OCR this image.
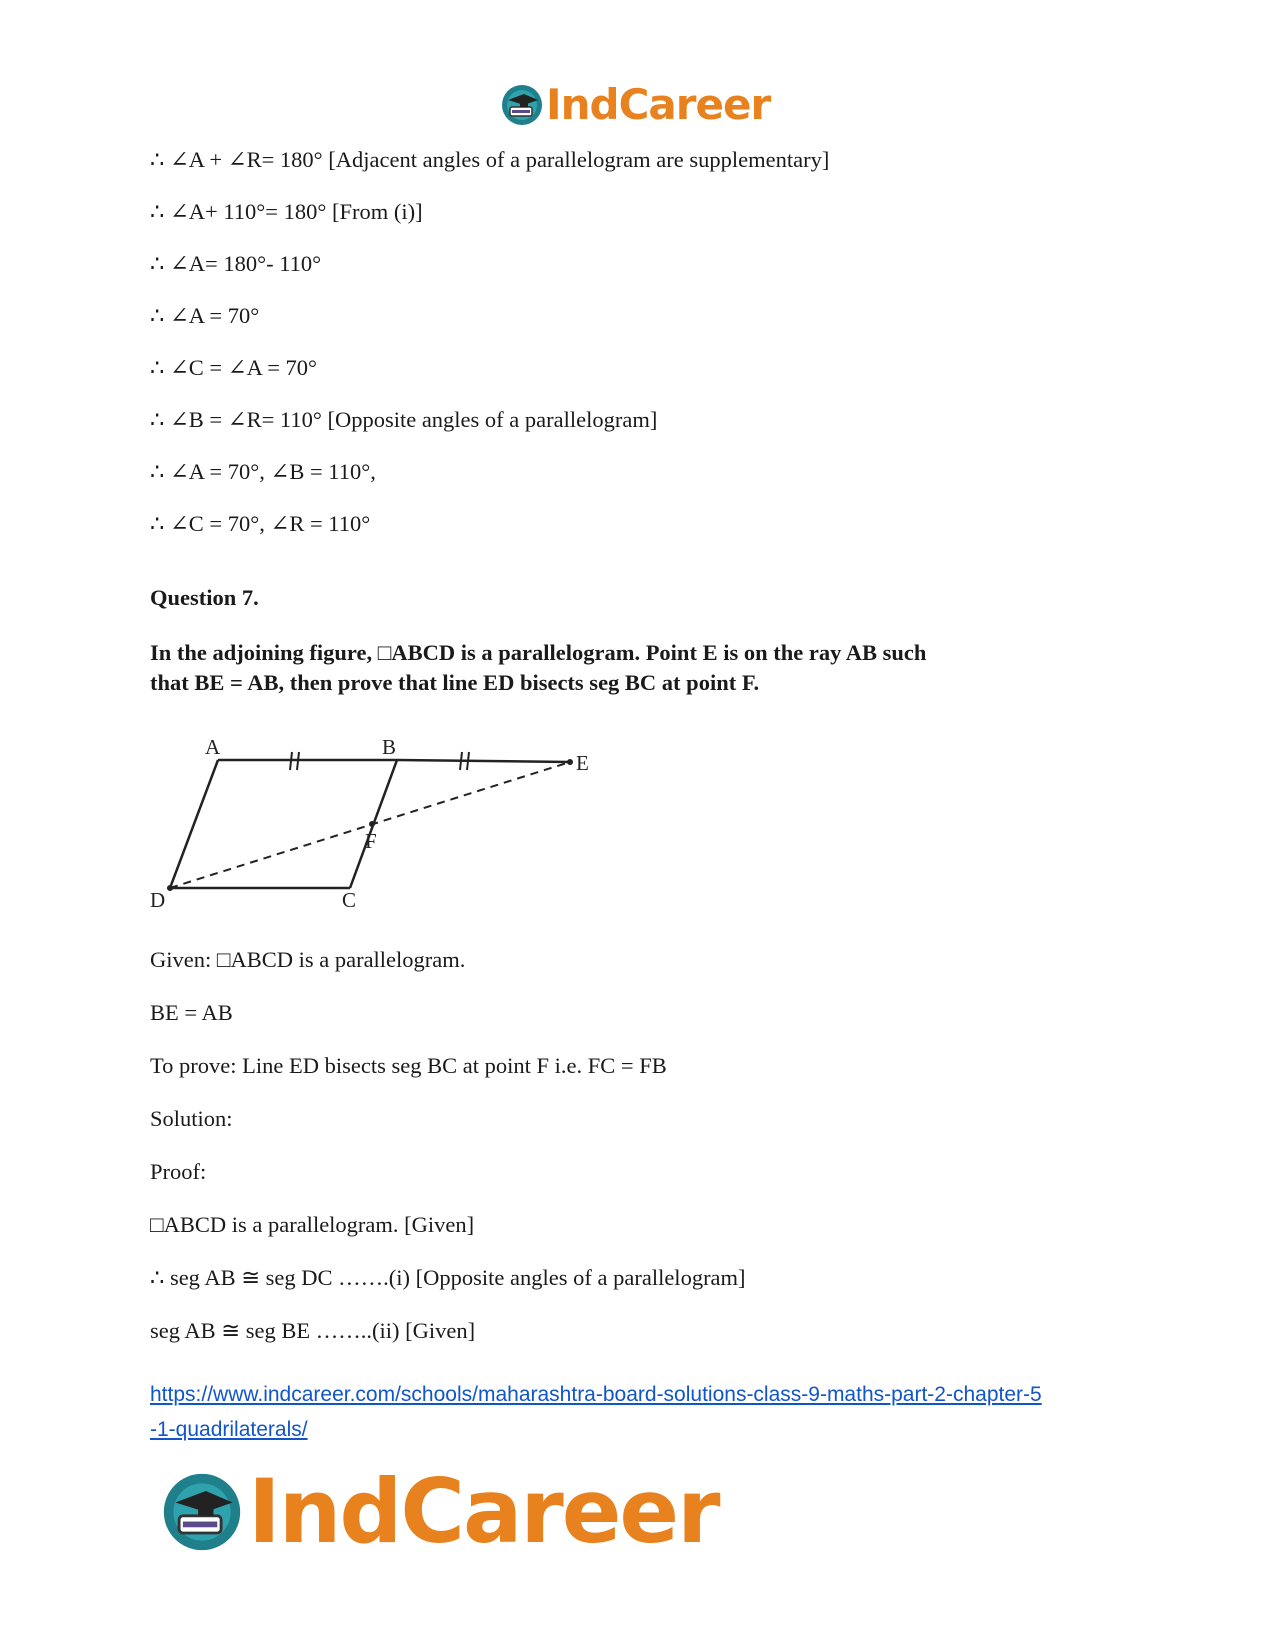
IndCareer
∴ ∠A + ∠R= 180° [Adjacent angles of a parallelogram are supplementary]
∴ ∠A+ 110°= 180° [From (i)]
∴ ∠A= 180°- 110°
∴ ∠A = 70°
∴ ∠C = ∠A = 70°
∴ ∠B = ∠R= 110° [Opposite angles of a parallelogram]
∴ ∠A = 70°, ∠B = 110°,
∴ ∠C = 70°, ∠R = 110°
Question 7.
In the adjoining figure, □ABCD is a parallelogram. Point E is on the ray AB such
that BE = AB, then prove that line ED bisects seg BC at point F.
A	B
E
F
D	C
Given: □ABCD is a parallelogram.
BE = AB
To prove: Line ED bisects seg BC at point F i.e. FC = FB
Solution:
Proof:
□ABCD is a parallelogram. [Given]
∴ seg AB ≅ seg DC …….(i) [Opposite angles of a parallelogram]
seg AB ≅ seg BE ……..(ii) [Given]
https://www.indcareer.com/schools/maharashtra-board-solutions-class-9-maths-part-2-chapter-5
-1-quadrilaterals/
IndCareer
